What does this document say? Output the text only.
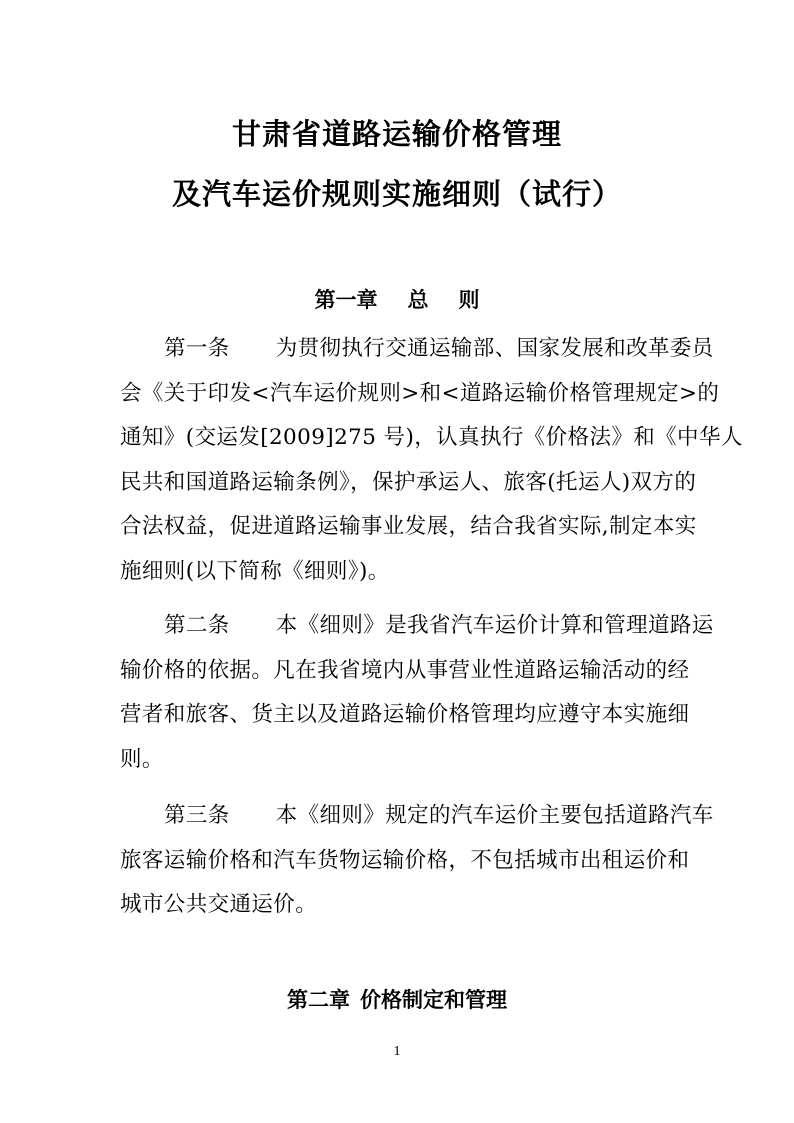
甘肃省道路运输价格管理
及汽车运价规则实施细则（试行）
第一章 总 则
第一条 为贯彻执行交通运输部、国家发展和改革委员
会《关于印发<汽车运价规则>和<道路运输价格管理规定>的
通知》(交运发[2009]275 号)，认真执行《价格法》和《中华人
民共和国道路运输条例》，保护承运人、旅客(托运人)双方的
合法权益，促进道路运输事业发展，结合我省实际,制定本实
施细则(以下简称《细则》)。
第二条 本《细则》是我省汽车运价计算和管理道路运
输价格的依据。凡在我省境内从事营业性道路运输活动的经
营者和旅客、货主以及道路运输价格管理均应遵守本实施细
则。
第三条 本《细则》规定的汽车运价主要包括道路汽车
旅客运输价格和汽车货物运输价格，不包括城市出租运价和
城市公共交通运价。
第二章 价格制定和管理
1
